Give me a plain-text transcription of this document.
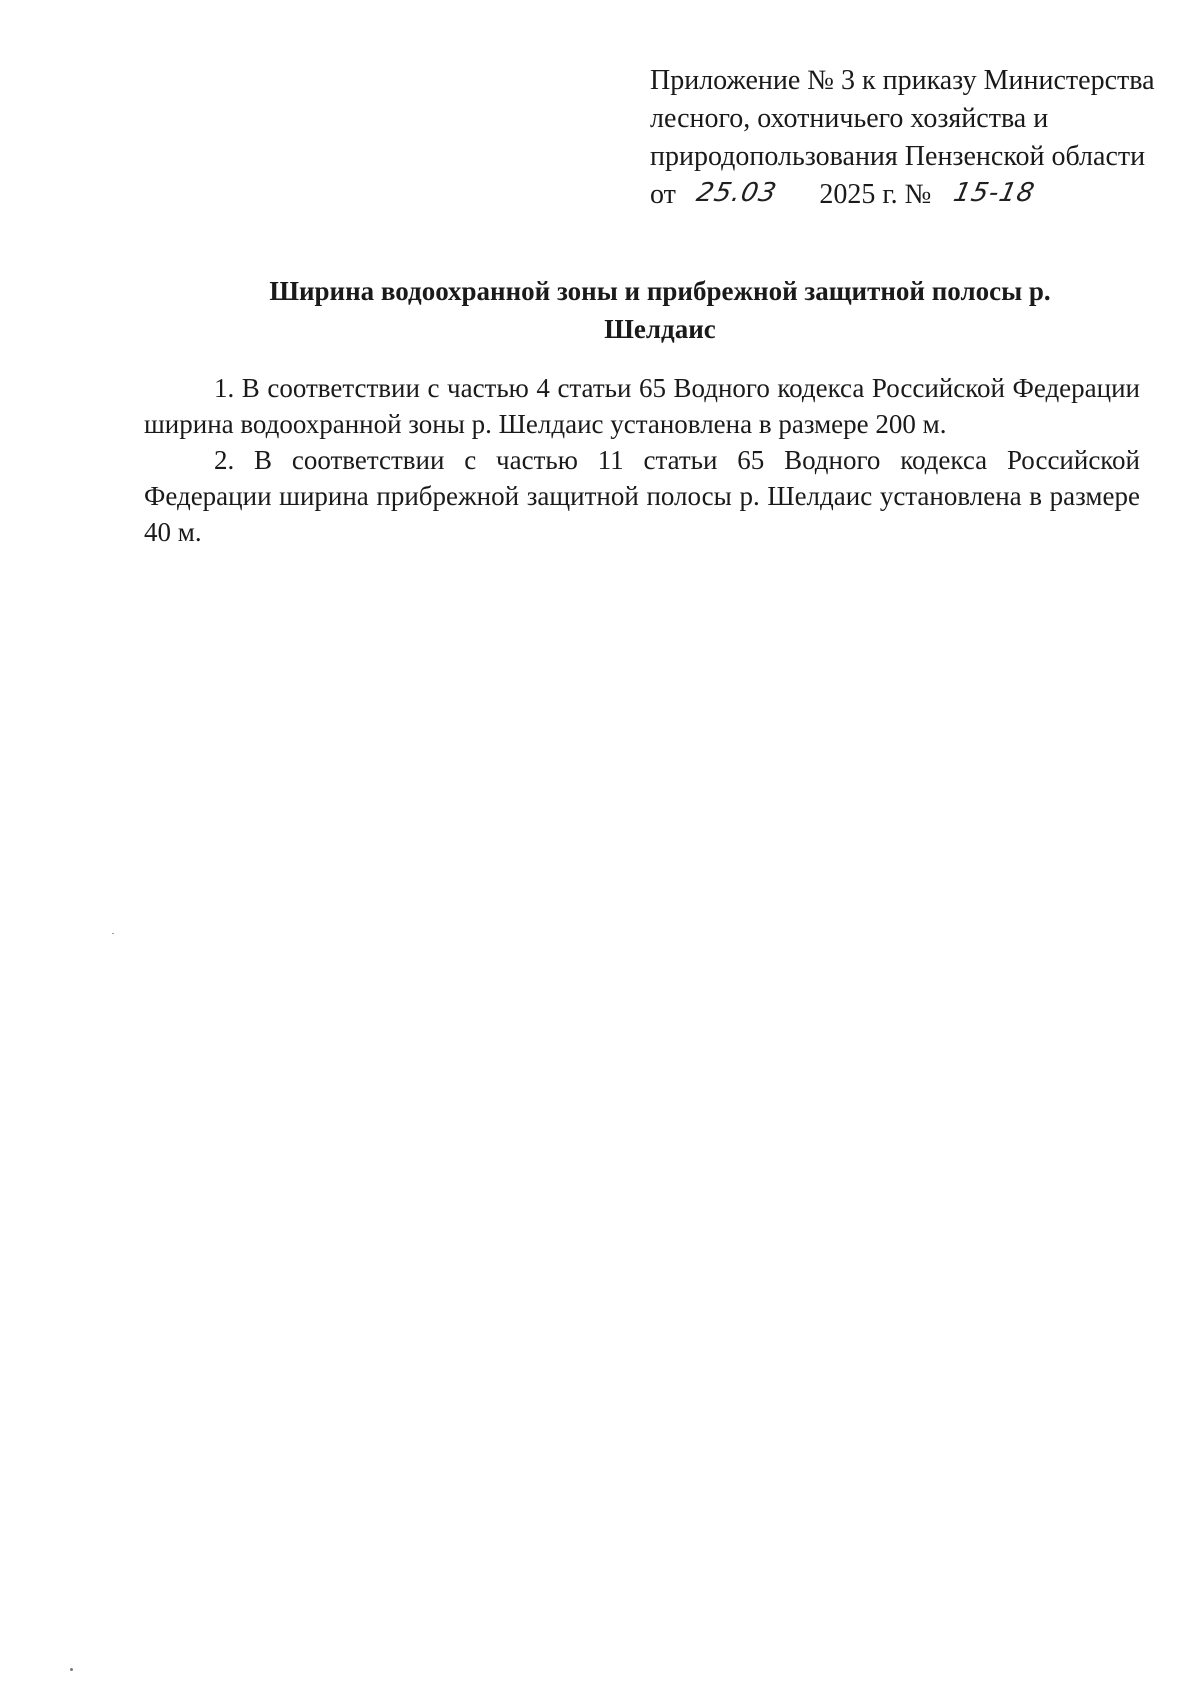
Приложение № 3 к приказу Министерства
лесного, охотничьего хозяйства и
природопользования Пензенской области
от 25.03 2025 г. № 15-18
Ширина водоохранной зоны и прибрежной защитной полосы р. Шелдаис

1. В соответствии с частью 4 статьи 65 Водного кодекса Российской Федерации ширина водоохранной зоны р. Шелдаис установлена в размере 200 м.

2. В соответствии с частью 11 статьи 65 Водного кодекса Российской Федерации ширина прибрежной защитной полосы р. Шелдаис установлена в размере 40 м.
